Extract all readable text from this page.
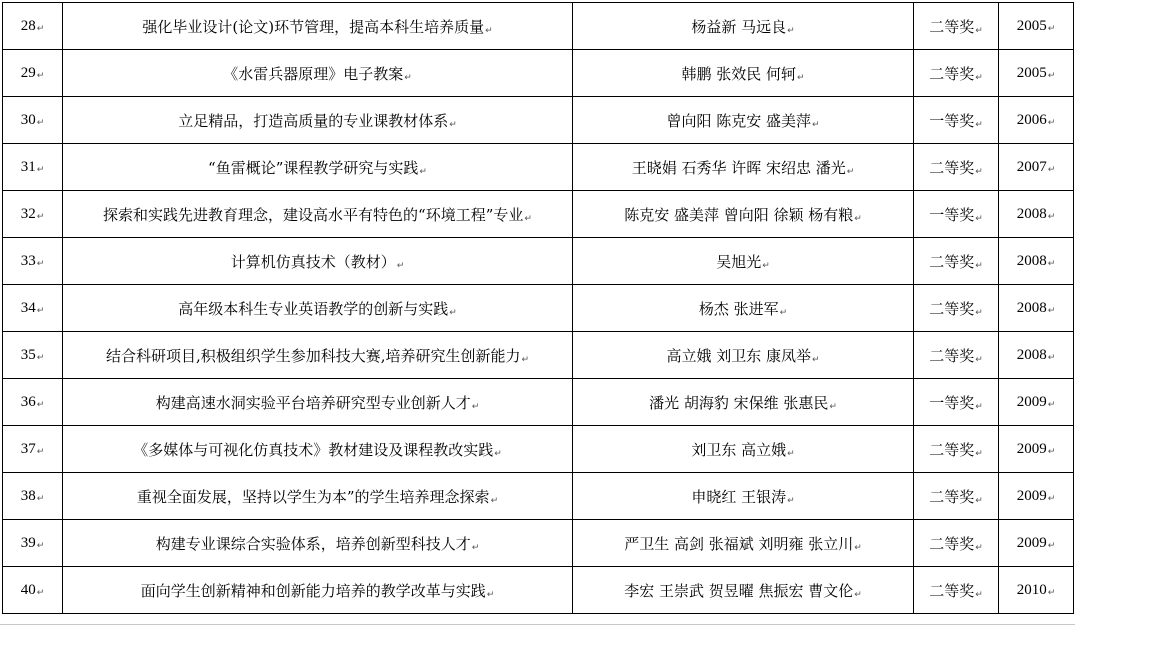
28↵	强化毕业设计(论文)环节管理，提高本科生培养质量↵	杨益新 马远良↵	二等奖↵	2005↵
29↵	《水雷兵器原理》电子教案↵	韩鹏 张效民 何轲↵	二等奖↵	2005↵
30↵	立足精品，打造高质量的专业课教材体系↵	曾向阳 陈克安 盛美萍↵	一等奖↵	2006↵
31↵	“鱼雷概论”课程教学研究与实践↵	王晓娟 石秀华 许晖 宋绍忠 潘光↵	二等奖↵	2007↵
32↵	探索和实践先进教育理念，建设高水平有特色的“环境工程”专业↵	陈克安 盛美萍 曾向阳 徐颖 杨有粮↵	一等奖↵	2008↵
33↵	计算机仿真技术（教材）↵	吴旭光↵	二等奖↵	2008↵
34↵	高年级本科生专业英语教学的创新与实践↵	杨杰 张进军↵	二等奖↵	2008↵
35↵	结合科研项目,积极组织学生参加科技大赛,培养研究生创新能力↵	高立娥 刘卫东 康凤举↵	二等奖↵	2008↵
36↵	构建高速水洞实验平台培养研究型专业创新人才↵	潘光 胡海豹 宋保维 张惠民↵	一等奖↵	2009↵
37↵	《多媒体与可视化仿真技术》教材建设及课程教改实践↵	刘卫东 高立娥↵	二等奖↵	2009↵
38↵	重视全面发展，坚持以学生为本”的学生培养理念探索↵	申晓红 王银涛↵	二等奖↵	2009↵
39↵	构建专业课综合实验体系，培养创新型科技人才↵	严卫生 高剑 张福斌 刘明雍 张立川↵	二等奖↵	2009↵
40↵	面向学生创新精神和创新能力培养的教学改革与实践↵	李宏 王崇武 贺昱曜 焦振宏 曹文伦↵	二等奖↵	2010↵
